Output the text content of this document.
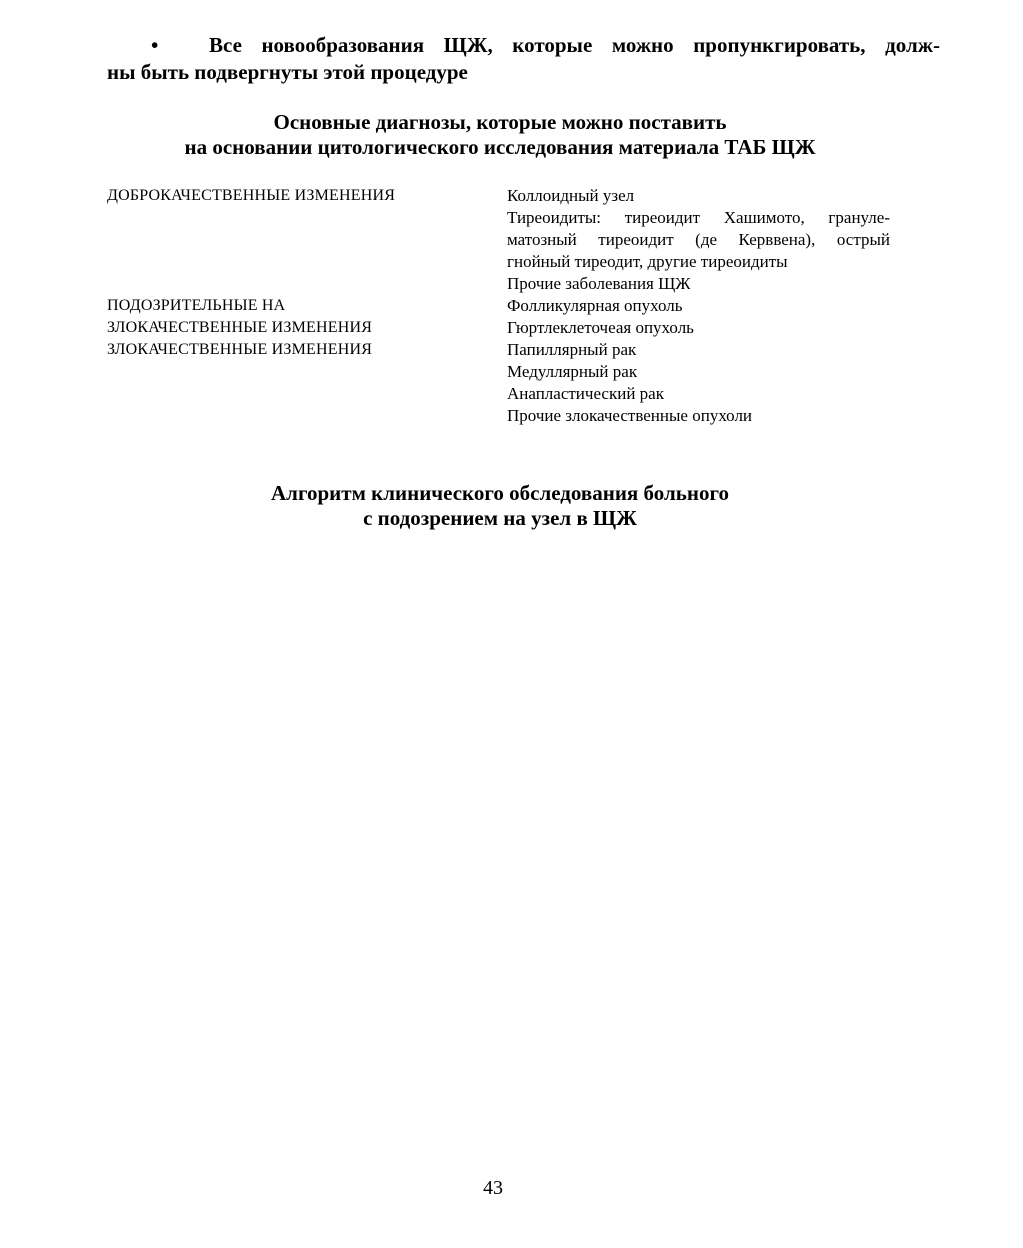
• Все новообразования ЩЖ, которые можно пропункгировать, долж-
ны быть подвергнуты этой процедуре
Основные диагнозы, которые можно поставить
на основании цитологического исследования материала ТАБ ЩЖ
ДОБРОКАЧЕСТВЕННЫЕ ИЗМЕНЕНИЯ	Коллоидный узел
Тиреоидиты: тиреоидит Хашимото, грануле-
матозный тиреоидит (де Керввена), острый
гнойный тиреодит, другие тиреоидиты
Прочие заболевания ЩЖ
ПОДОЗРИТЕЛЬНЫЕ НА
ЗЛОКАЧЕСТВЕННЫЕ ИЗМЕНЕНИЯ
Фолликулярная опухоль
Гюртлеклеточеая опухоль
ЗЛОКАЧЕСТВЕННЫЕ ИЗМЕНЕНИЯ	Папиллярный рак
Медуллярный рак
Анапластический рак
Прочие злокачественные опухоли
Алгоритм клинического обследования больного
с подозрением на узел в ЩЖ
43
